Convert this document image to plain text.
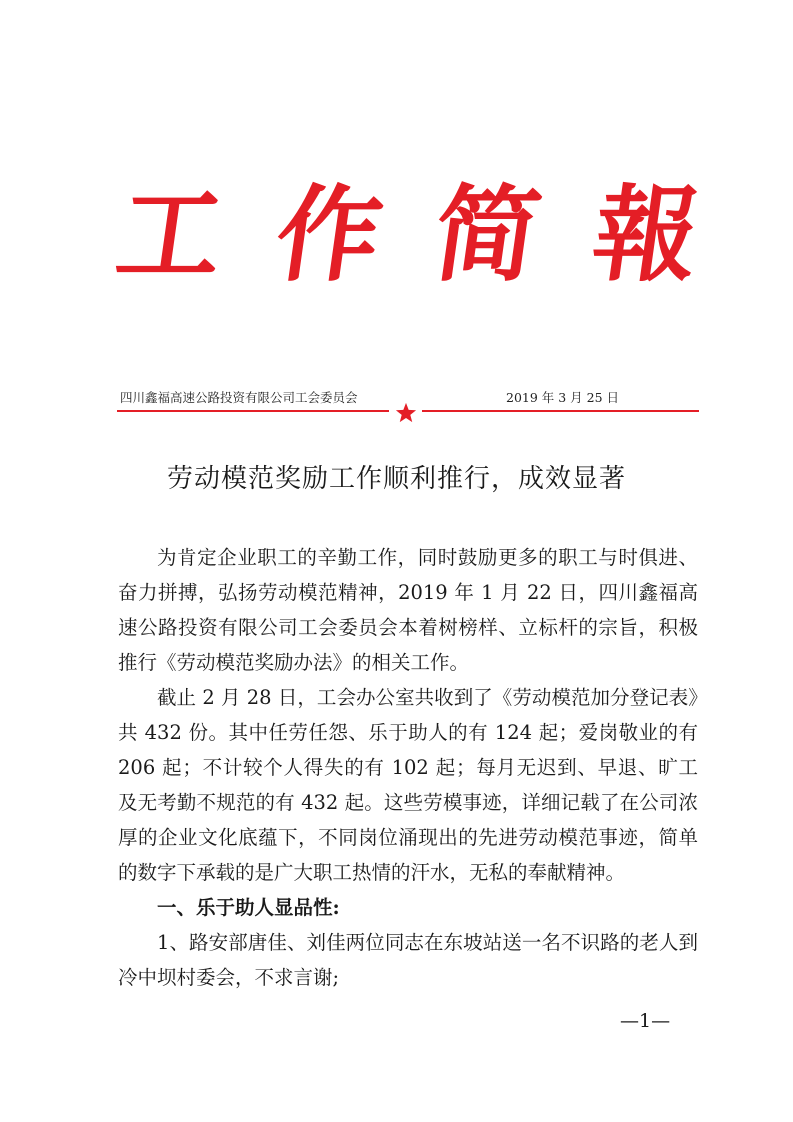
工 作 简 報
四川鑫福高速公路投资有限公司工会委员会	2019 年 3 月 25 日
劳动模范奖励工作顺利推行，成效显著

为肯定企业职工的辛勤工作，同时鼓励更多的职工与时俱进、奋力拼搏，弘扬劳动模范精神，2019 年 1 月 22 日，四川鑫福高速公路投资有限公司工会委员会本着树榜样、立标杆的宗旨，积极推行《劳动模范奖励办法》的相关工作。

截止 2 月 28 日，工会办公室共收到了《劳动模范加分登记表》共 432 份。其中任劳任怨、乐于助人的有 124 起；爱岗敬业的有 206 起；不计较个人得失的有 102 起；每月无迟到、早退、旷工及无考勤不规范的有 432 起。这些劳模事迹，详细记载了在公司浓厚的企业文化底蕴下，不同岗位涌现出的先进劳动模范事迹，简单的数字下承载的是广大职工热情的汗水，无私的奉献精神。

一、乐于助人显品性:

1、路安部唐佳、刘佳两位同志在东坡站送一名不识路的老人到冷中坝村委会，不求言谢;

—1—
